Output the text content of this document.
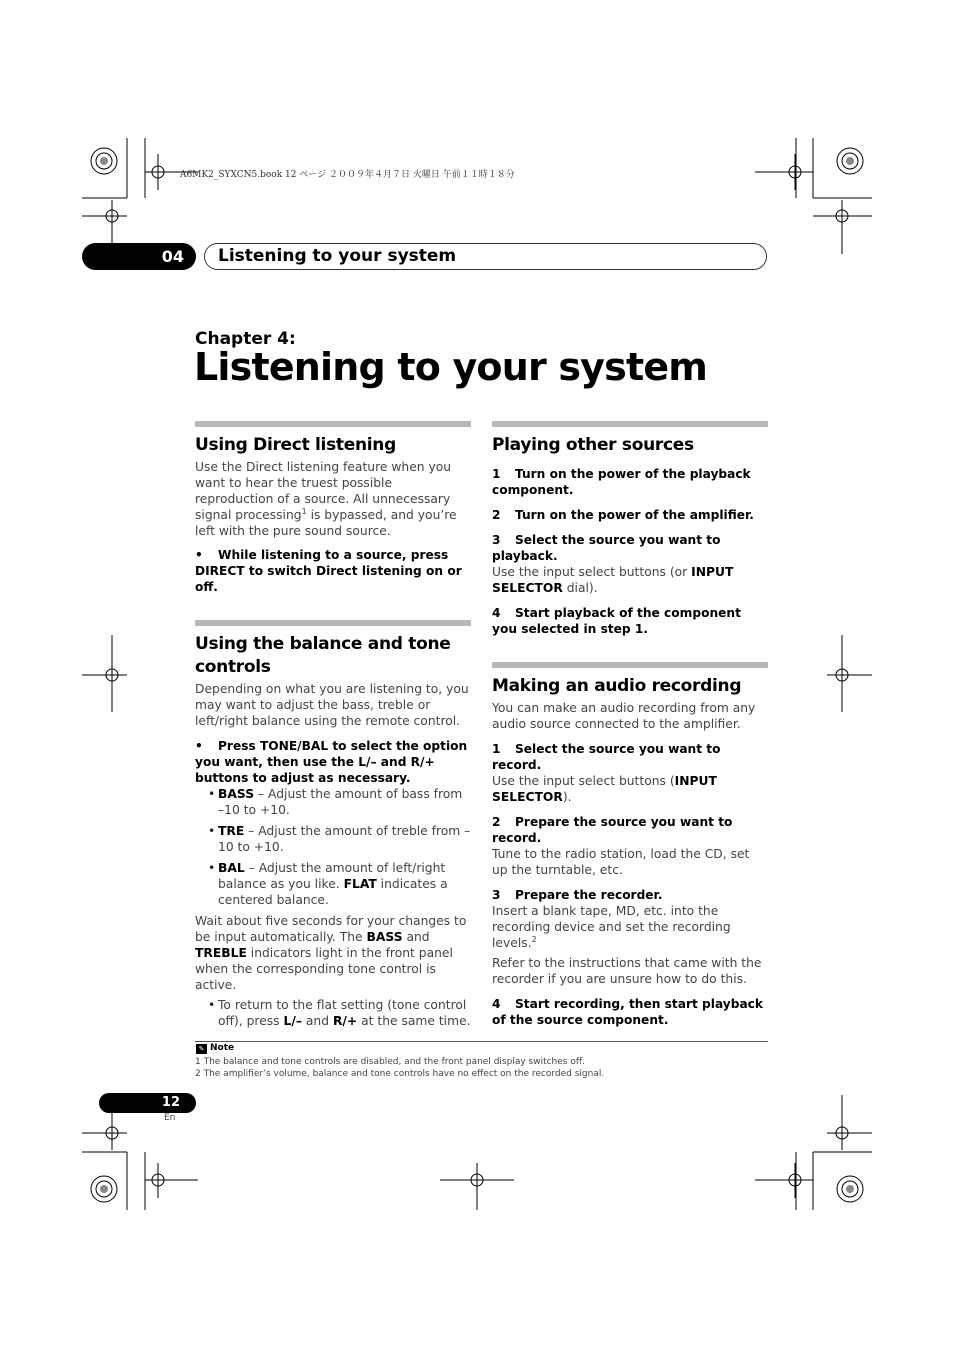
A6MK2_SYXCN5.book 12 ページ ２００９年４月７日 火曜日 午前１１時１８分
04	Listening to your system
Chapter 4:
Listening to your system
Using Direct listening

Use the Direct listening feature when you want to hear the truest possible reproduction of a source. All unnecessary signal processing$^1$ is bypassed, and you’re left with the pure sound source.

• While listening to a source, press DIRECT to switch Direct listening on or off.

Using the balance and tone controls

Depending on what you are listening to, you may want to adjust the bass, treble or left/right balance using the remote control.

• Press TONE/BAL to select the option you want, then use the L/– and R/+ buttons to adjust as necessary.

• BASS – Adjust the amount of bass from –10 to +10.
• TRE – Adjust the amount of treble from –10 to +10.
• BAL – Adjust the amount of left/right balance as you like. FLAT indicates a centered balance.

Wait about five seconds for your changes to be input automatically. The BASS and TREBLE indicators light in the front panel when the corresponding tone control is active.

• To return to the flat setting (tone control off), press L/– and R/+ at the same time.
Playing other sources

1 Turn on the power of the playback component.

2 Turn on the power of the amplifier.

3 Select the source you want to playback.

Use the input select buttons (or INPUT SELECTOR dial).

4 Start playback of the component you selected in step 1.

Making an audio recording

You can make an audio recording from any audio source connected to the amplifier.

1 Select the source you want to record.

Use the input select buttons (INPUT SELECTOR).

2 Prepare the source you want to record.

Tune to the radio station, load the CD, set up the turntable, etc.

3 Prepare the recorder.

Insert a blank tape, MD, etc. into the recording device and set the recording levels.$^2$

Refer to the instructions that came with the recorder if you are unsure how to do this.

4 Start recording, then start playback of the source component.

✎ Note
1 The balance and tone controls are disabled, and the front panel display switches off.
2 The amplifier’s volume, balance and tone controls have no effect on the recorded signal.
12
En
